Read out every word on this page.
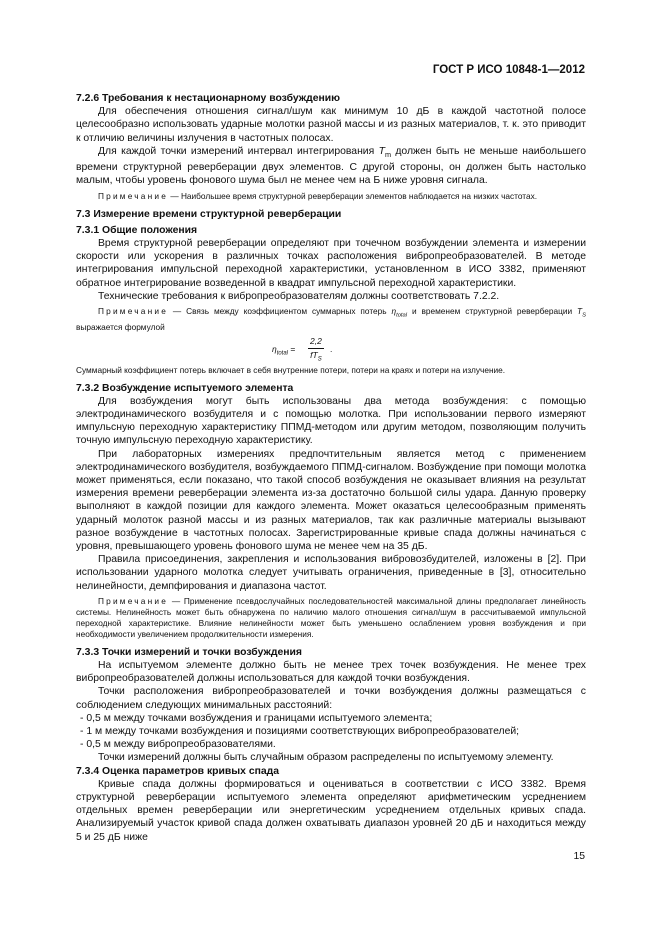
ГОСТ Р ИСО 10848-1—2012

7.2.6 Требования к нестационарному возбуждению

Для обеспечения отношения сигнал/шум как минимум 10 дБ в каждой частотной полосе целесообразно использовать ударные молотки разной массы и из разных материалов, т. к. это приводит к отличию величины излучения в частотных полосах.

Для каждой точки измерений интервал интегрирования $T_m$ должен быть не меньше наибольшего времени структурной реверберации двух элементов. С другой стороны, он должен быть настолько малым, чтобы уровень фонового шума был не менее чем на Б ниже уровня сигнала.

Примечание — Наибольшее время структурной реверберации элементов наблюдается на низких частотах.

7.3 Измерение времени структурной реверберации

7.3.1 Общие положения

Время структурной реверберации определяют при точечном возбуждении элемента и измерении скорости или ускорения в различных точках расположения вибропреобразователей. В методе интегрирования импульсной переходной характеристики, установленном в ИСО 3382, применяют обратное интегрирование возведенной в квадрат импульсной переходной характеристики.

Технические требования к вибропреобразователям должны соответствовать 7.2.2.

Примечание — Связь между коэффициентом суммарных потерь $\eta_{total}$ и временем структурной реверберации $T_S$ выражается формулой

$\eta_{total}$ =
2,2
$fT_S$
.

Суммарный коэффициент потерь включает в себя внутренние потери, потери на краях и потери на излучение.

7.3.2 Возбуждение испытуемого элемента

Для возбуждения могут быть использованы два метода возбуждения: с помощью электродинамического возбудителя и с помощью молотка. При использовании первого измеряют импульсную переходную характеристику ППМД-методом или другим методом, позволяющим получить точную импульсную переходную характеристику.

При лабораторных измерениях предпочтительным является метод с применением электродинамического возбудителя, возбуждаемого ППМД-сигналом. Возбуждение при помощи молотка может применяться, если показано, что такой способ возбуждения не оказывает влияния на результат измерения времени реверберации элемента из-за достаточно большой силы удара. Данную проверку выполняют в каждой позиции для каждого элемента. Может оказаться целесообразным применять ударный молоток разной массы и из разных материалов, так как различные материалы вызывают разное возбуждение в частотных полосах. Зарегистрированные кривые спада должны начинаться с уровня, превышающего уровень фонового шума не менее чем на 35 дБ.

Правила присоединения, закрепления и использования вибровозбудителей, изложены в [2]. При использовании ударного молотка следует учитывать ограничения, приведенные в [3], относительно нелинейности, демпфирования и диапазона частот.

Примечание — Применение псевдослучайных последовательностей максимальной длины предполагает линейность системы. Нелинейность может быть обнаружена по наличию малого отношения сигнал/шум в рассчитываемой импульсной переходной характеристике. Влияние нелинейности может быть уменьшено ослаблением уровня возбуждения и при необходимости увеличением продолжительности измерения.

7.3.3 Точки измерений и точки возбуждения

На испытуемом элементе должно быть не менее трех точек возбуждения. Не менее трех вибропреобразователей должны использоваться для каждой точки возбуждения.

Точки расположения вибропреобразователей и точки возбуждения должны размещаться с соблюдением следующих минимальных расстояний:

- 0,5 м между точками возбуждения и границами испытуемого элемента;
- 1 м между точками возбуждения и позициями соответствующих вибропреобразователей;
- 0,5 м между вибропреобразователями.

Точки измерений должны быть случайным образом распределены по испытуемому элементу.

7.3.4 Оценка параметров кривых спада

Кривые спада должны формироваться и оцениваться в соответствии с ИСО 3382. Время структурной реверберации испытуемого элемента определяют арифметическим усреднением отдельных времен реверберации или энергетическим усреднением отдельных кривых спада. Анализируемый участок кривой спада должен охватывать диапазон уровней 20 дБ и находиться между 5 и 25 дБ ниже

15
